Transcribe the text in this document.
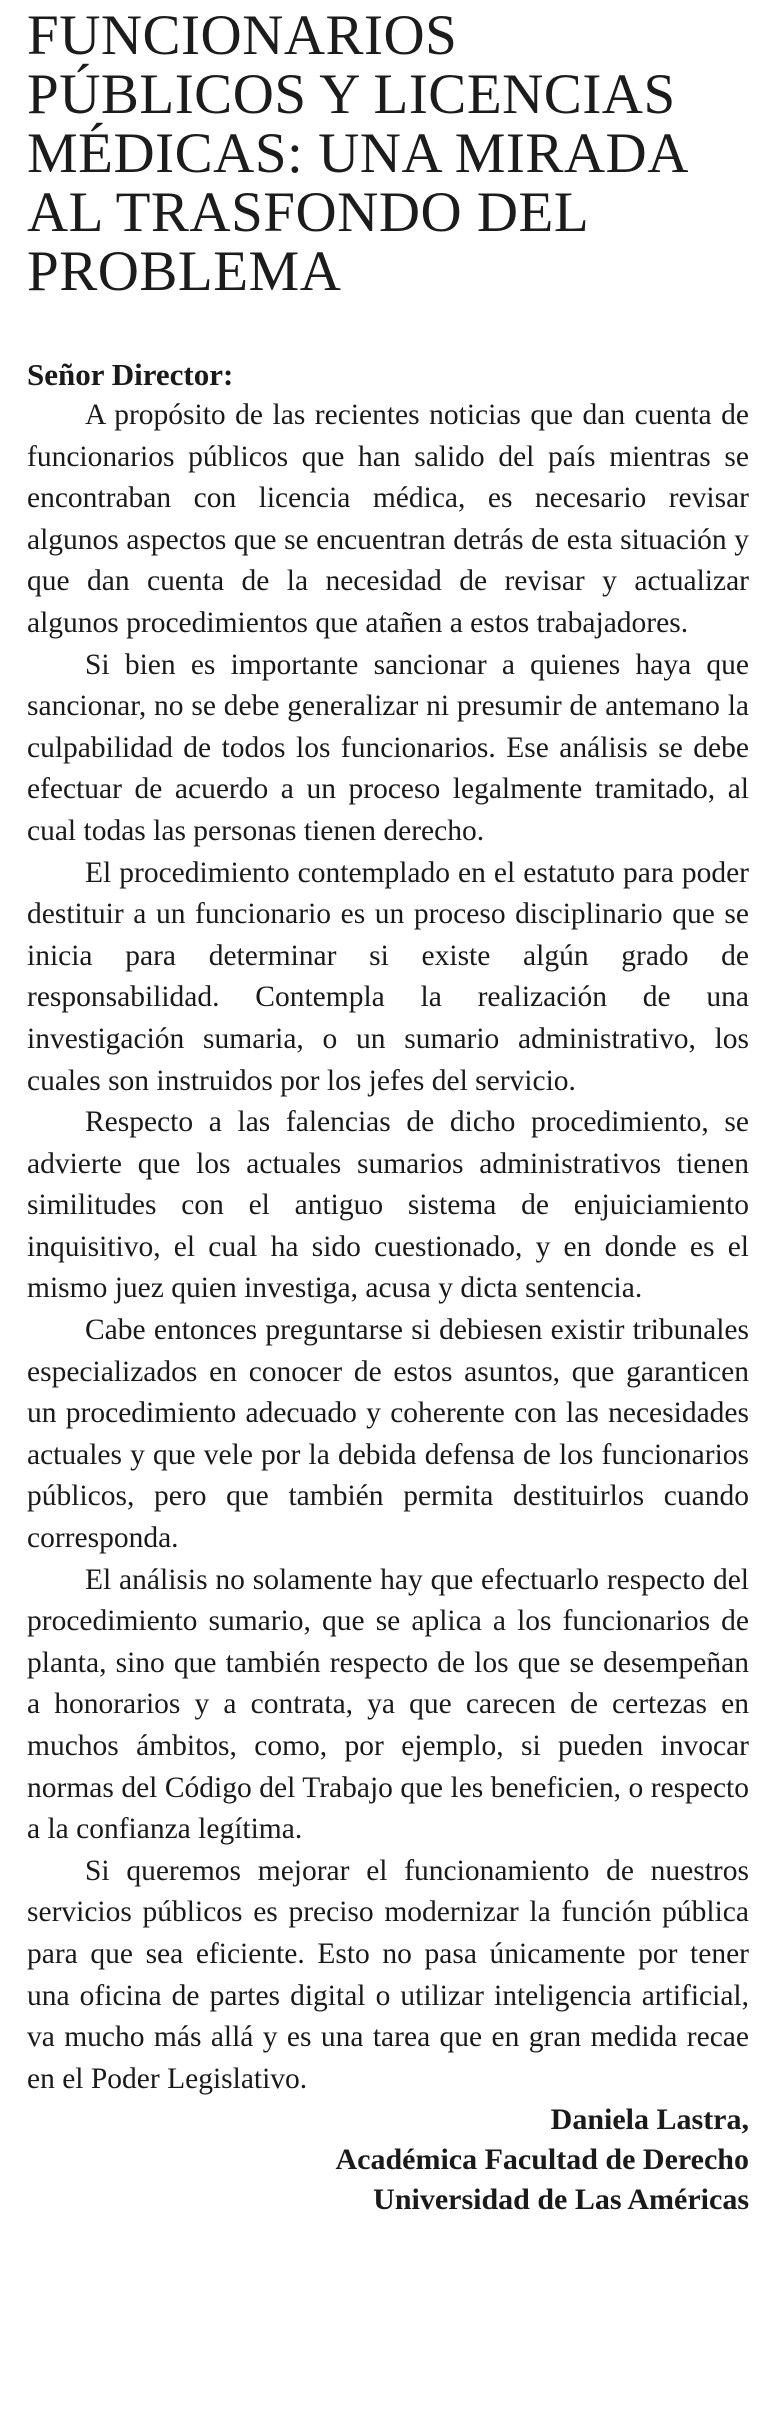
FUNCIONARIOS
PÚBLICOS Y LICENCIAS
MÉDICAS: UNA MIRADA
AL TRASFONDO DEL
PROBLEMA
Señor Director:

A propósito de las recientes noticias que dan cuenta de funcionarios públicos que han salido del país mientras se encontraban con licencia médica, es necesario revisar algunos aspectos que se encuentran detrás de esta situación y que dan cuenta de la necesidad de revisar y actualizar algunos procedimientos que atañen a estos trabajadores.

Si bien es importante sancionar a quienes haya que sancionar, no se debe generalizar ni presumir de antemano la culpabilidad de todos los funcionarios. Ese análisis se debe efectuar de acuerdo a un proceso legalmente tramitado, al cual todas las personas tienen derecho.

El procedimiento contemplado en el estatuto para poder destituir a un funcionario es un proceso disciplinario que se inicia para determinar si existe algún grado de responsabilidad. Contempla la realización de una investigación sumaria, o un sumario administrativo, los cuales son instruidos por los jefes del servicio.

Respecto a las falencias de dicho procedimiento, se advierte que los actuales sumarios administrativos tienen similitudes con el antiguo sistema de enjuiciamiento inquisitivo, el cual ha sido cuestionado, y en donde es el mismo juez quien investiga, acusa y dicta sentencia.

Cabe entonces preguntarse si debiesen existir tribunales especializados en conocer de estos asuntos, que garanticen un procedimiento adecuado y coherente con las necesidades actuales y que vele por la debida defensa de los funcionarios públicos, pero que también permita destituirlos cuando corresponda.

El análisis no solamente hay que efectuarlo respecto del procedimiento sumario, que se aplica a los funcionarios de planta, sino que también respecto de los que se desempeñan a honorarios y a contrata, ya que carecen de certezas en muchos ámbitos, como, por ejemplo, si pueden invocar normas del Código del Trabajo que les beneficien, o respecto a la confianza legítima.

Si queremos mejorar el funcionamiento de nuestros servicios públicos es preciso modernizar la función pública para que sea eficiente. Esto no pasa únicamente por tener una oficina de partes digital o utilizar inteligencia artificial, va mucho más allá y es una tarea que en gran medida recae en el Poder Legislativo.

Daniela Lastra,
Académica Facultad de Derecho
Universidad de Las Américas
